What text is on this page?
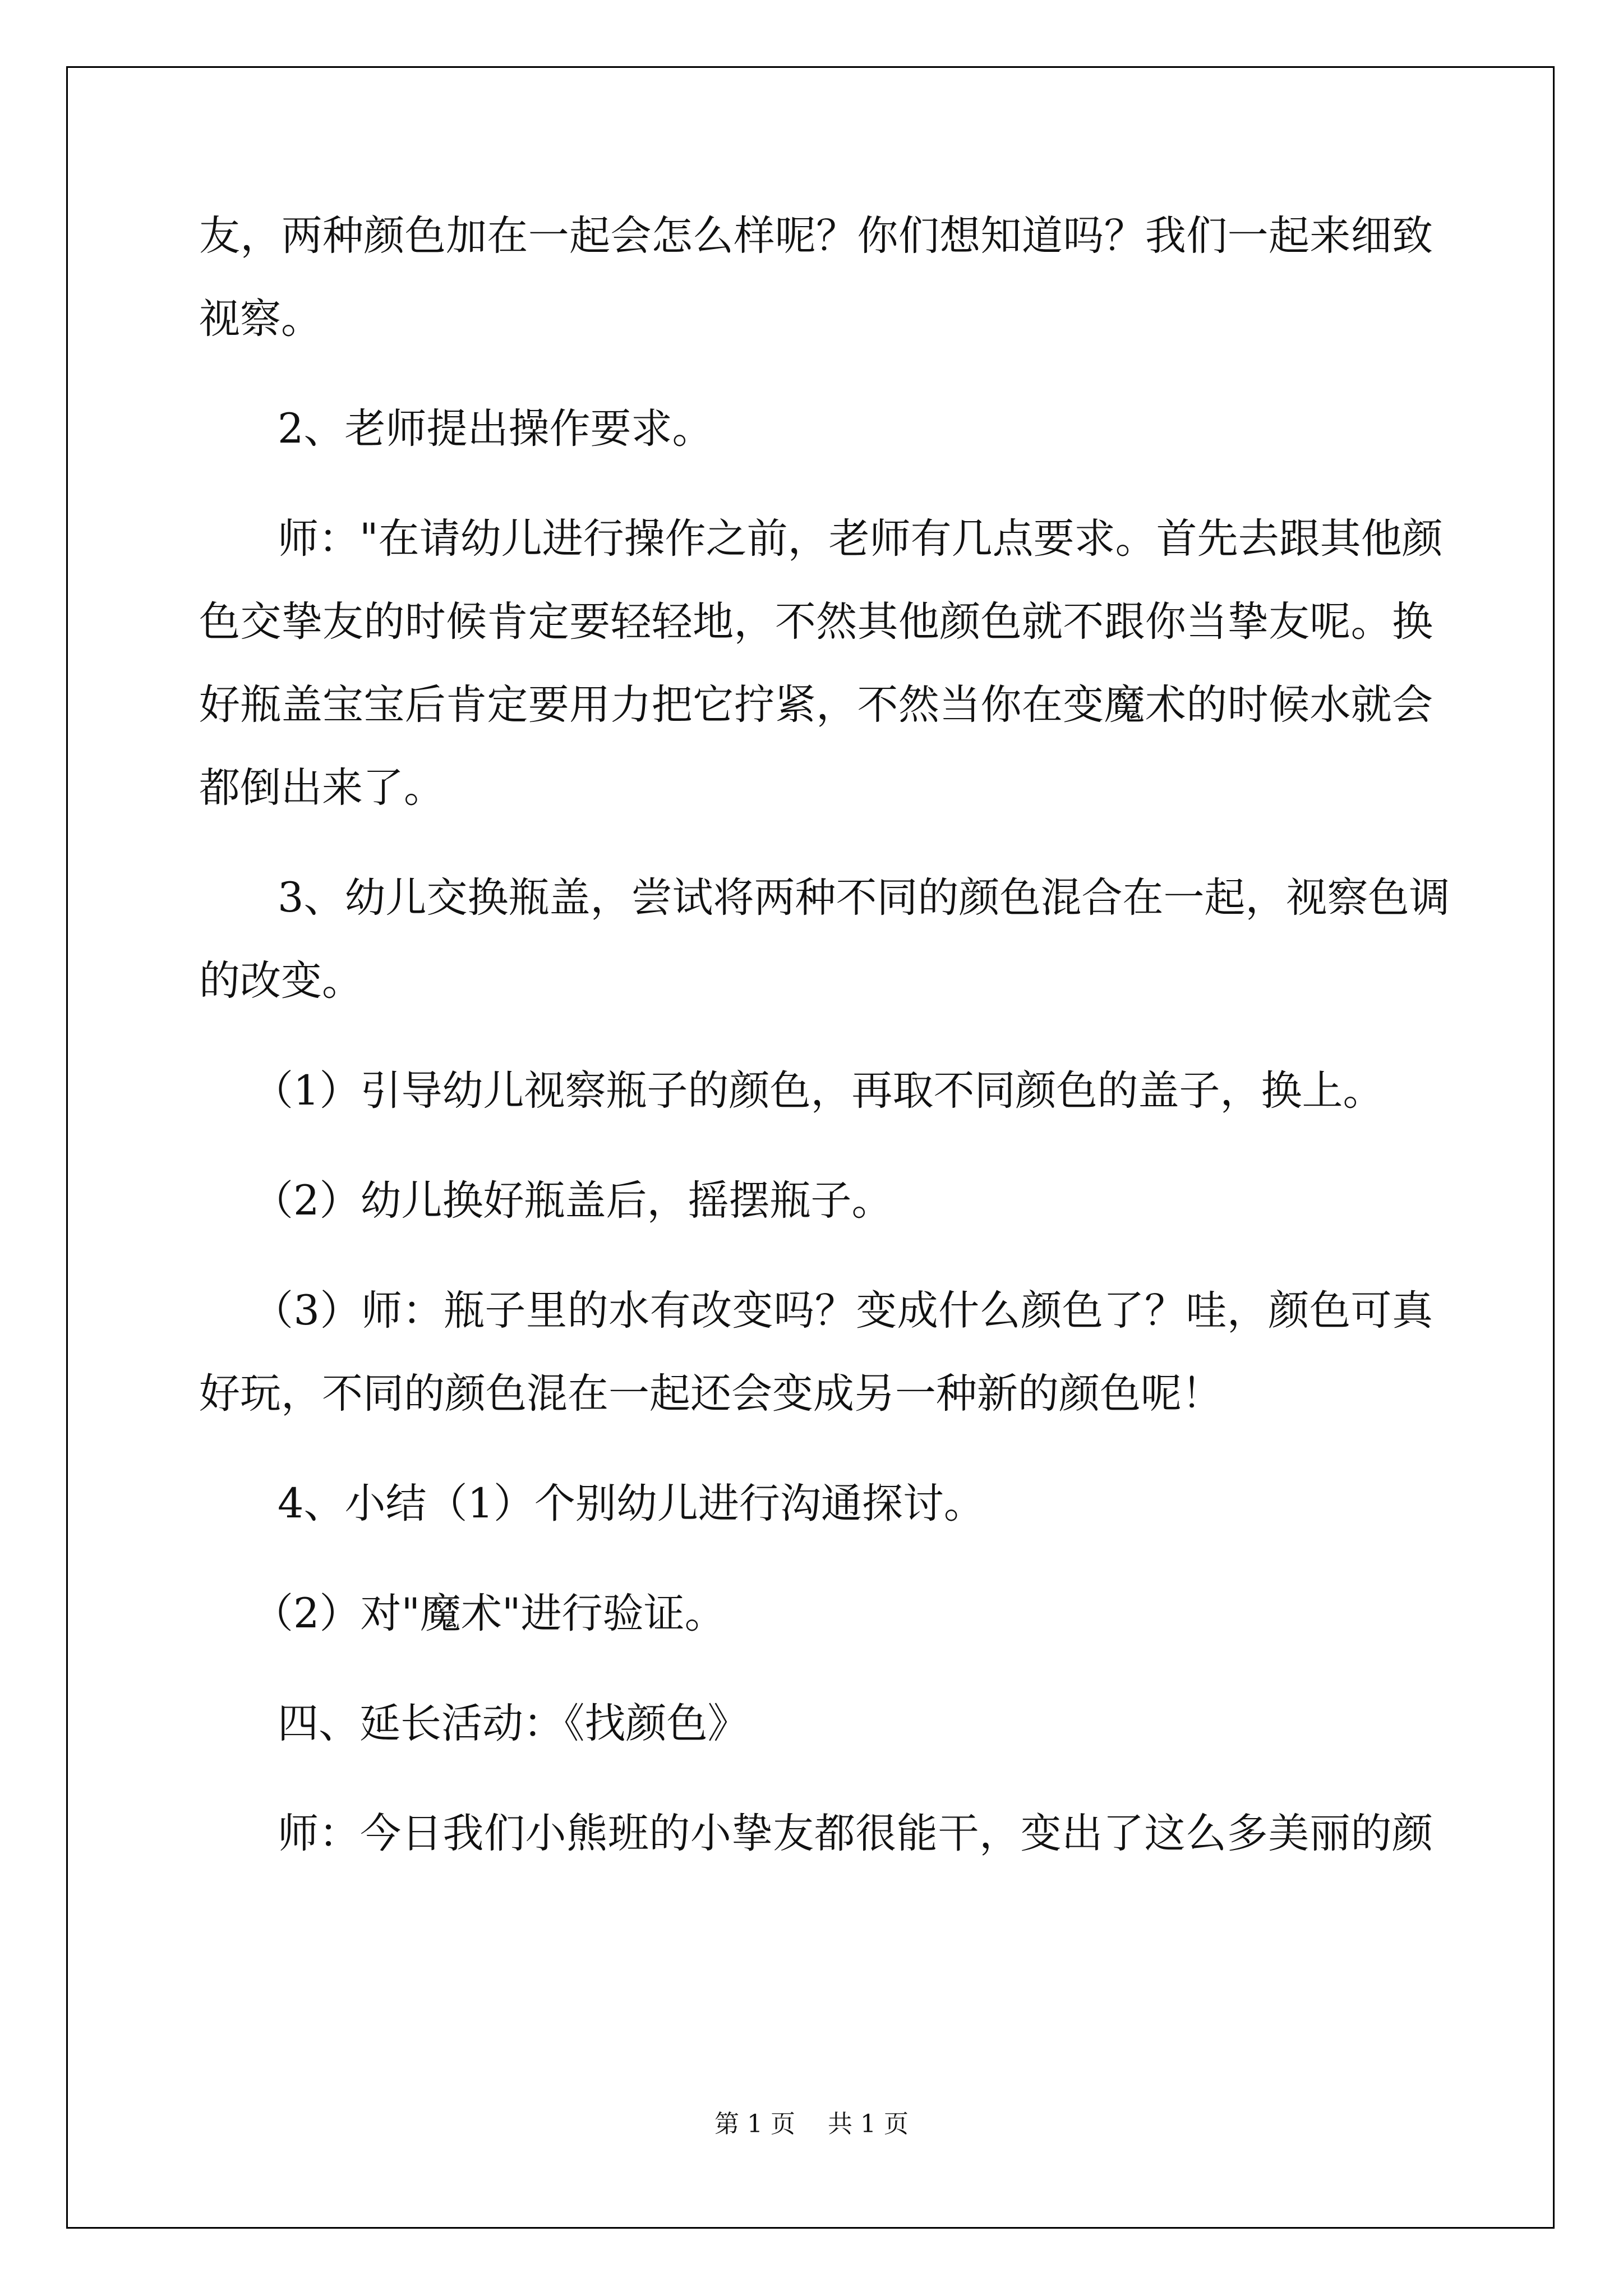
友，两种颜色加在一起会怎么样呢？你们想知道吗？我们一起来细致
视察。
2、老师提出操作要求。
师："在请幼儿进行操作之前，老师有几点要求。首先去跟其他颜
色交挚友的时候肯定要轻轻地，不然其他颜色就不跟你当挚友呢。换
好瓶盖宝宝后肯定要用力把它拧紧，不然当你在变魔术的时候水就会
都倒出来了。
3、幼儿交换瓶盖，尝试将两种不同的颜色混合在一起，视察色调
的改变。
（1）引导幼儿视察瓶子的颜色，再取不同颜色的盖子，换上。
（2）幼儿换好瓶盖后，摇摆瓶子。
（3）师：瓶子里的水有改变吗？变成什么颜色了？哇，颜色可真
好玩，不同的颜色混在一起还会变成另一种新的颜色呢！
4、小结（1）个别幼儿进行沟通探讨。
（2）对"魔术"进行验证。
四、延长活动：《找颜色》
师：今日我们小熊班的小挚友都很能干，变出了这么多美丽的颜
第 1 页　 共 1 页
